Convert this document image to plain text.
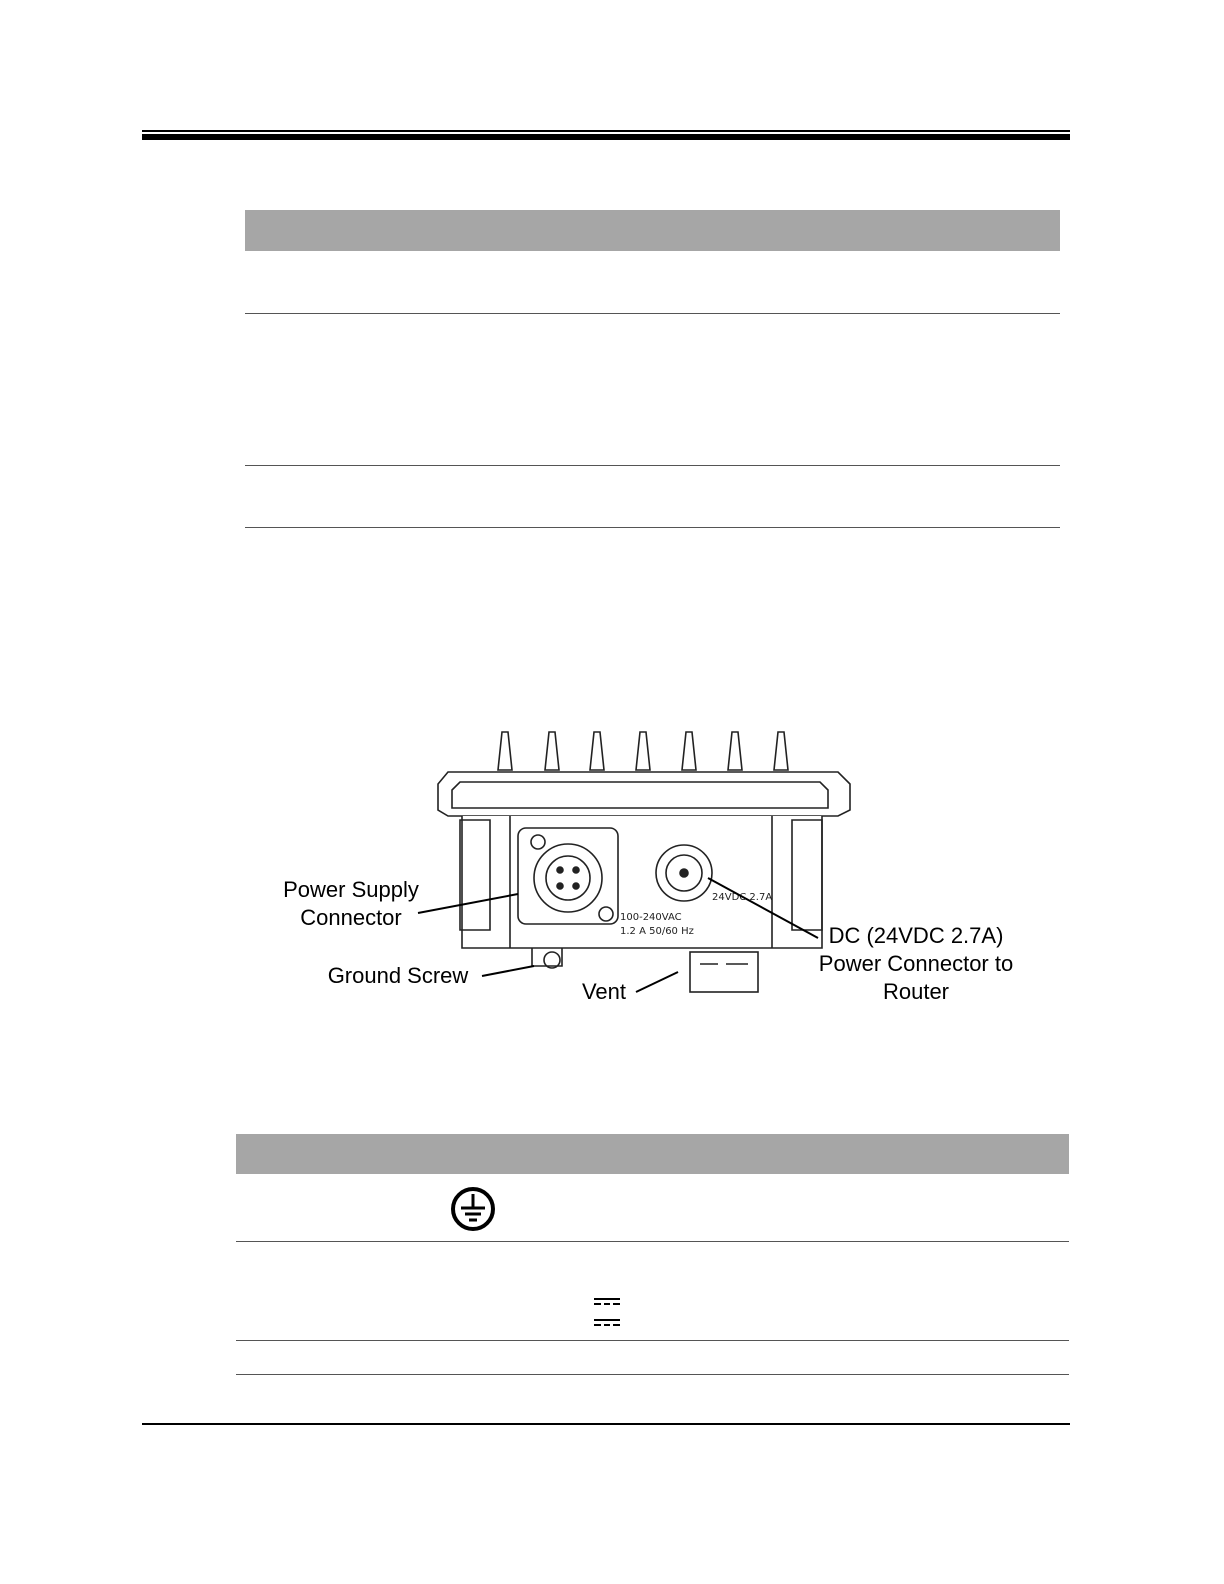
100-240VAC
1.2 A 50/60 Hz
24VDC 2.7A
Power Supply
Connector
Ground Screw
Vent
DC (24VDC 2.7A)
Power Connector to
Router
